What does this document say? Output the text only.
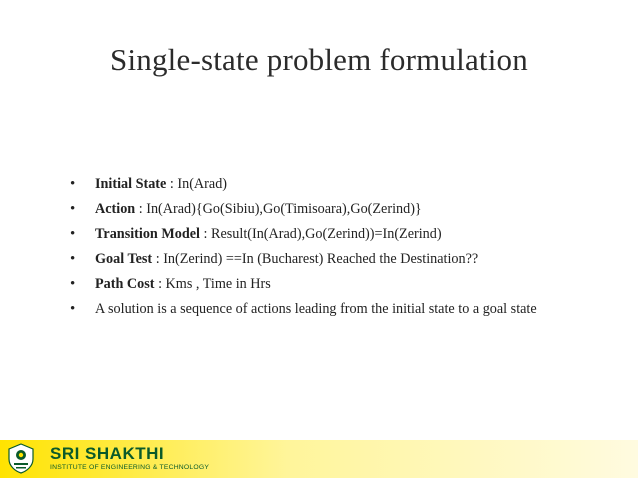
Single-state problem formulation
• Initial State : In(Arad)
• Action : In(Arad){Go(Sibiu),Go(Timisoara),Go(Zerind)}
• Transition Model : Result(In(Arad),Go(Zerind))=In(Zerind)
• Goal Test : In(Zerind) ==In (Bucharest) Reached the Destination??
• Path Cost : Kms , Time in Hrs
• A solution is a sequence of actions leading from the initial state to a goal state
SRI SHAKTHI
INSTITUTE OF ENGINEERING & TECHNOLOGY
